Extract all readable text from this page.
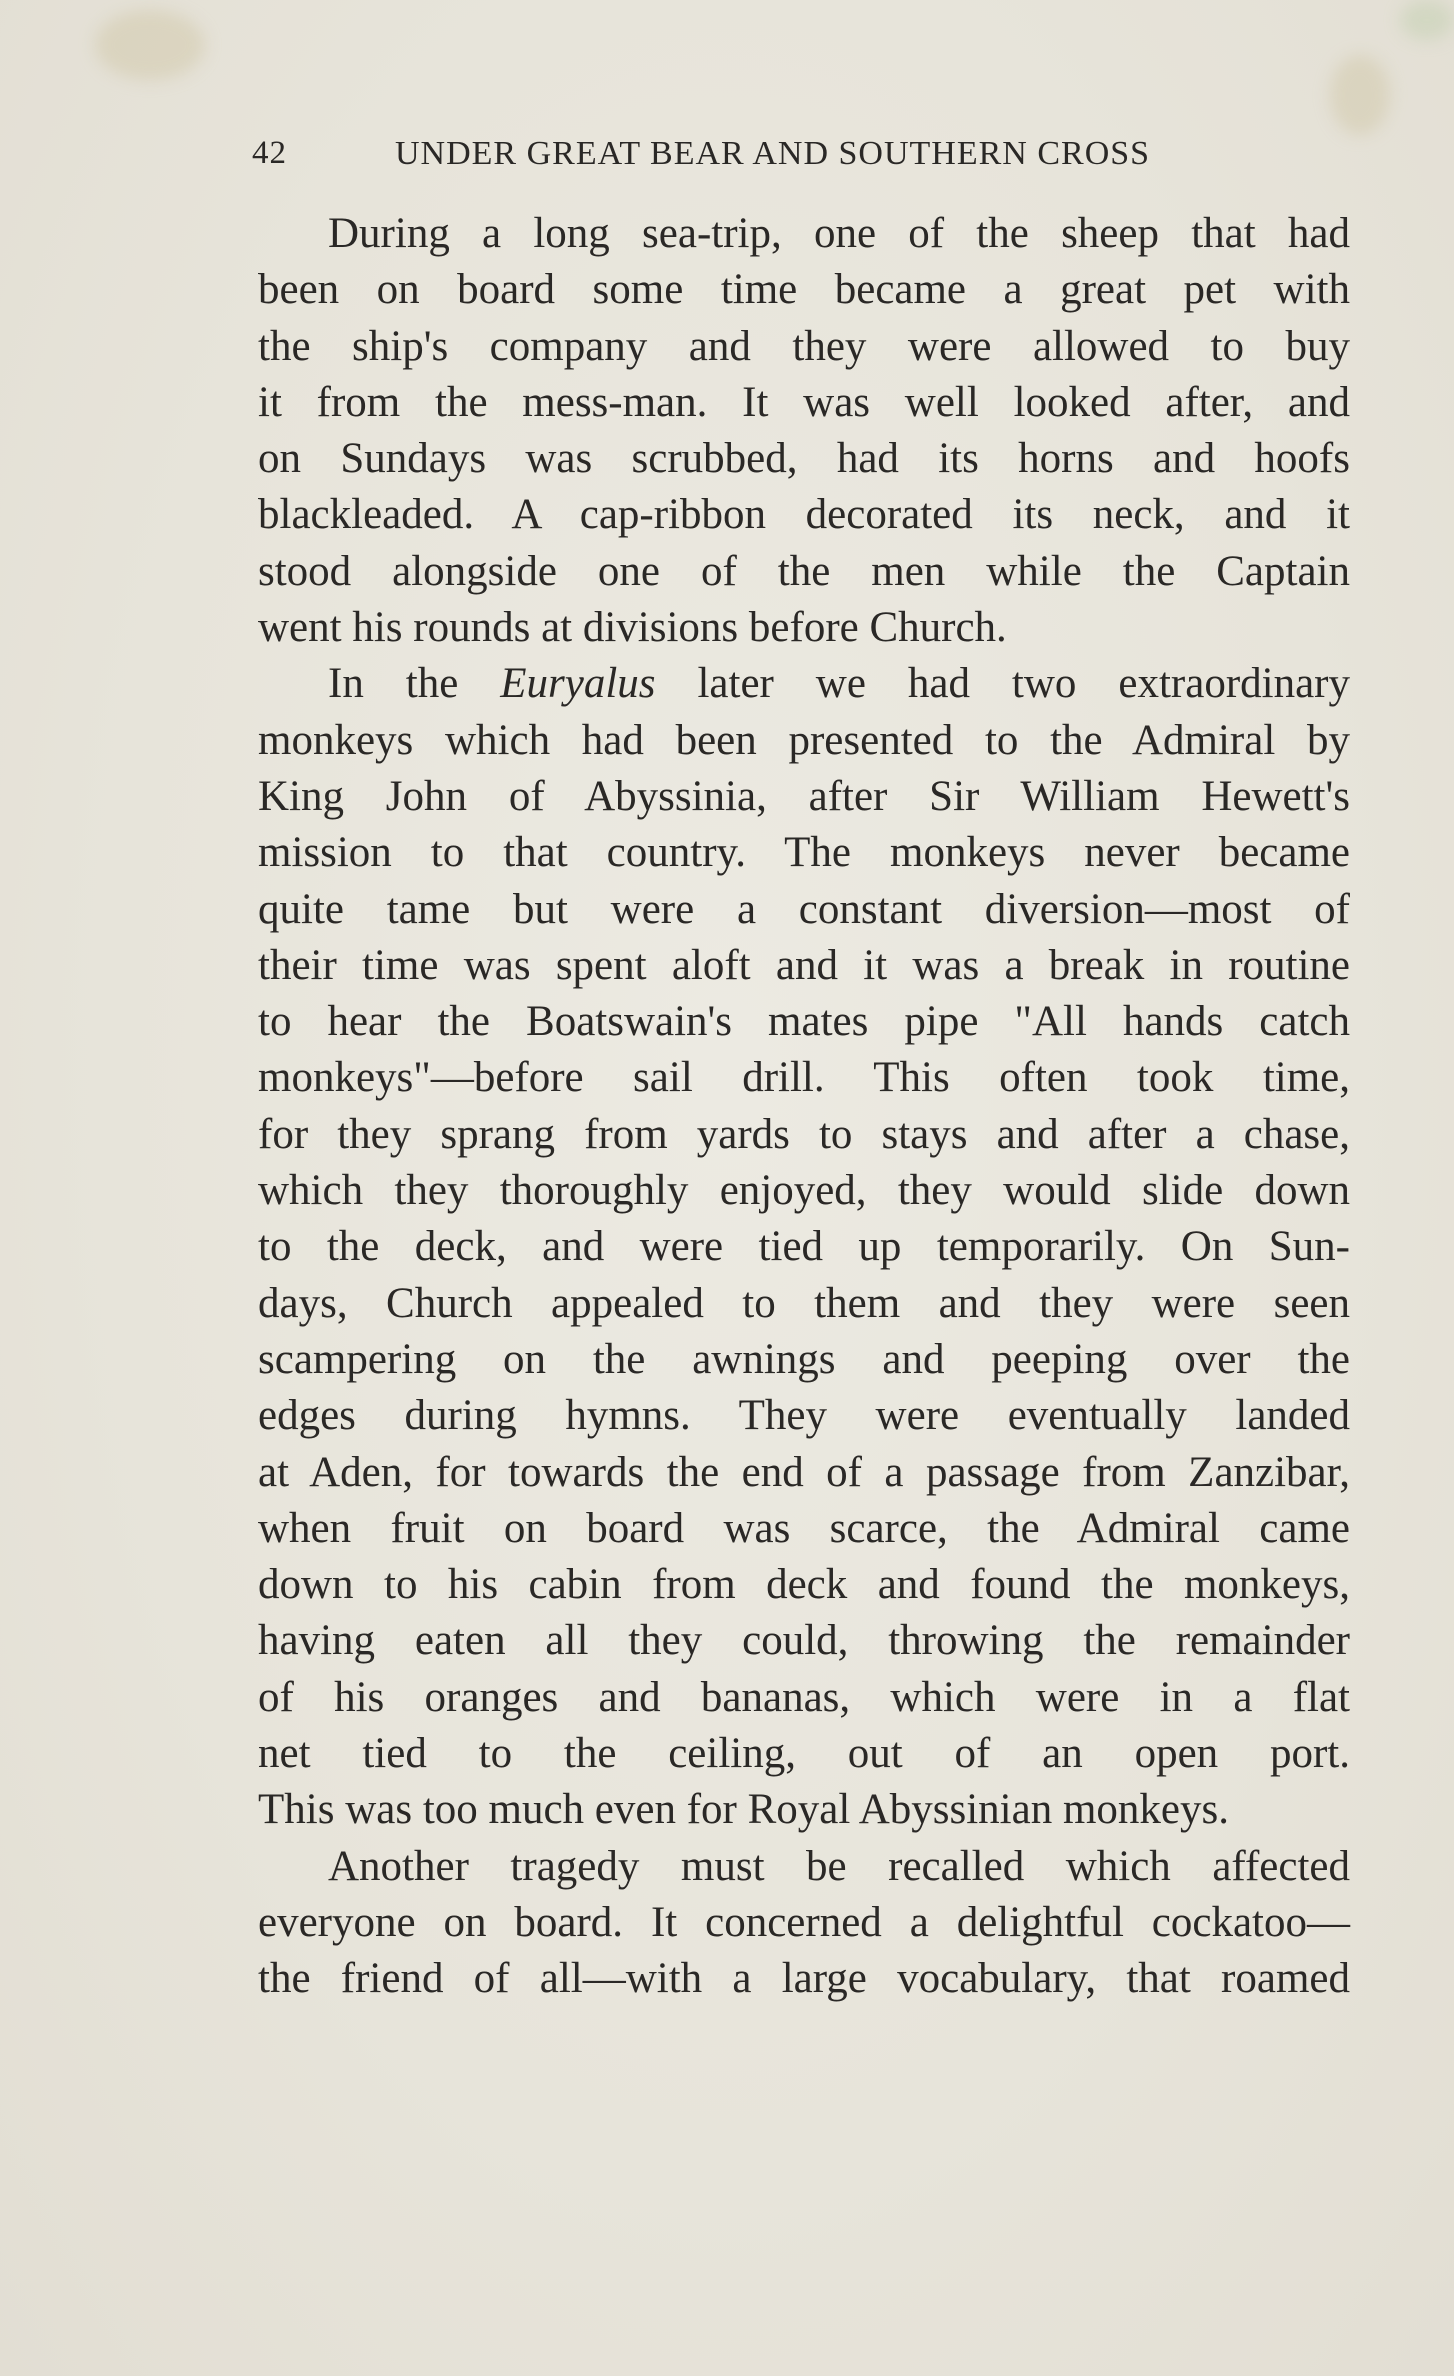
42	UNDER GREAT BEAR AND SOUTHERN CROSS

During a long sea-trip, one of the sheep that had

been on board some time became a great pet with
the ship's company and they were allowed to buy
it from the mess-man. It was well looked after, and
on Sundays was scrubbed, had its horns and hoofs
blackleaded. A cap-ribbon decorated its neck, and it
stood alongside one of the men while the Captain
went his rounds at divisions before Church.

In the Euryalus later we had two extraordinary

monkeys which had been presented to the Admiral by
King John of Abyssinia, after Sir William Hewett's
mission to that country. The monkeys never became
quite tame but were a constant diversion—most of
their time was spent aloft and it was a break in routine
to hear the Boatswain's mates pipe "All hands catch
monkeys"—before sail drill. This often took time,
for they sprang from yards to stays and after a chase,
which they thoroughly enjoyed, they would slide down
to the deck, and were tied up temporarily. On Sun-
days, Church appealed to them and they were seen
scampering on the awnings and peeping over the
edges during hymns. They were eventually landed
at Aden, for towards the end of a passage from Zanzibar,
when fruit on board was scarce, the Admiral came
down to his cabin from deck and found the monkeys,
having eaten all they could, throwing the remainder
of his oranges and bananas, which were in a flat
net tied to the ceiling, out of an open port.
This was too much even for Royal Abyssinian monkeys.

Another tragedy must be recalled which affected

everyone on board. It concerned a delightful cockatoo—
the friend of all—with a large vocabulary, that roamed
